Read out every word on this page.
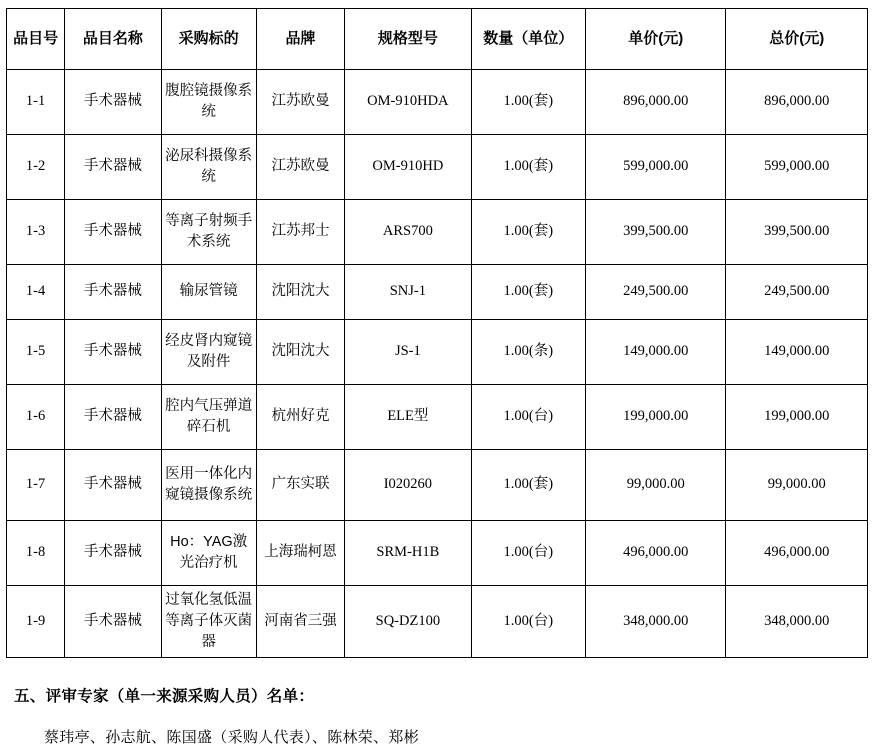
品目号	品目名称	采购标的	品牌	规格型号	数量（单位）	单价(元)	总价(元)
1-1	手术器械	腹腔镜摄像系统	江苏欧曼	OM-910HDA	1.00(套)	896,000.00	896,000.00
1-2	手术器械	泌尿科摄像系统	江苏欧曼	OM-910HD	1.00(套)	599,000.00	599,000.00
1-3	手术器械	等离子射频手术系统	江苏邦士	ARS700	1.00(套)	399,500.00	399,500.00
1-4	手术器械	输尿管镜	沈阳沈大	SNJ-1	1.00(套)	249,500.00	249,500.00
1-5	手术器械	经皮肾内窥镜及附件	沈阳沈大	JS-1	1.00(条)	149,000.00	149,000.00
1-6	手术器械	腔内气压弹道碎石机	杭州好克	ELE型	1.00(台)	199,000.00	199,000.00
1-7	手术器械	医用一体化内窥镜摄像系统	广东实联	I020260	1.00(套)	99,000.00	99,000.00
1-8	手术器械	Ho：YAG激光治疗机	上海瑞柯恩	SRM-H1B	1.00(台)	496,000.00	496,000.00
1-9	手术器械	过氧化氢低温等离子体灭菌器	河南省三强	SQ-DZ100	1.00(台)	348,000.00	348,000.00
五、评审专家（单一来源采购人员）名单：
蔡玮亭、孙志航、陈国盛（采购人代表）、陈林荣、郑彬
